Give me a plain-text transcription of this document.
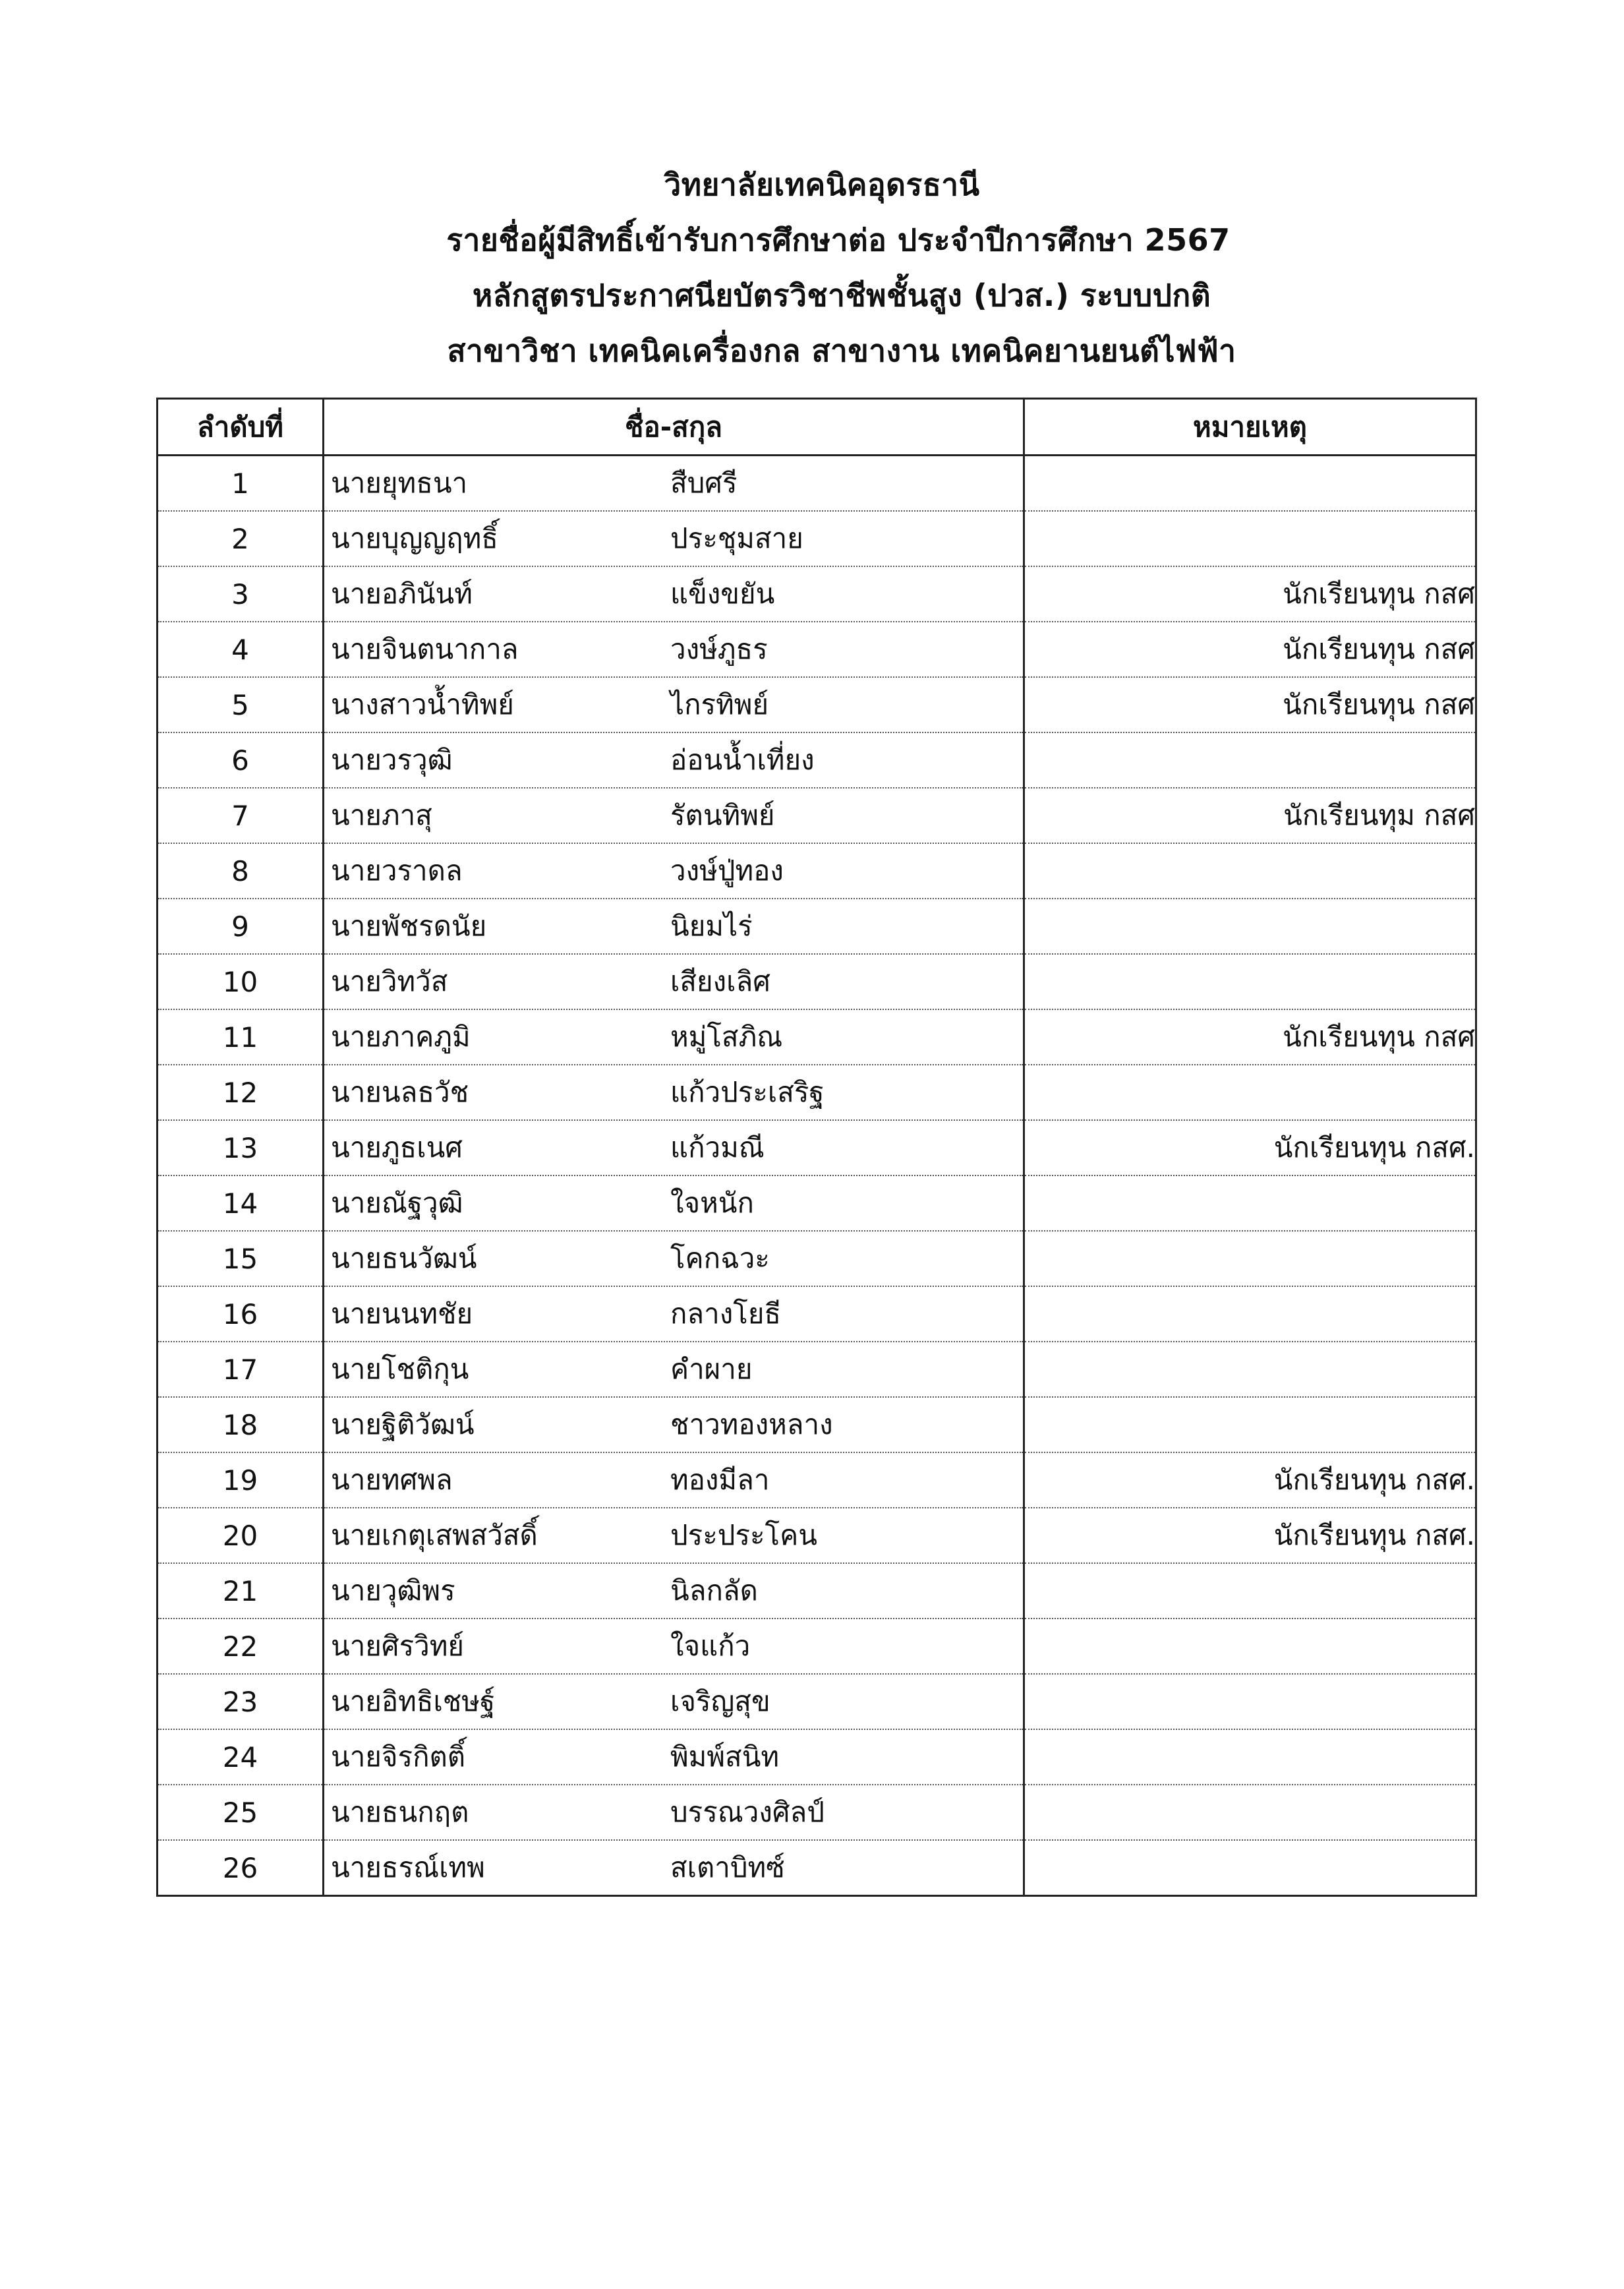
วิทยาลัยเทคนิคอุดรธานี
รายชื่อผู้มีสิทธิ์เข้ารับการศึกษาต่อ ประจำปีการศึกษา 2567
หลักสูตรประกาศนียบัตรวิชาชีพชั้นสูง (ปวส.) ระบบปกติ
สาขาวิชา เทคนิคเครื่องกล สาขางาน เทคนิคยานยนต์ไฟฟ้า
ลำดับที่	ชื่อ-สกุล	หมายเหตุ
1	นายยุทธนา สืบศรี	

2	นายบุญญฤทธิ์ ประชุมสาย	

3	นายอภินันท์ แข็งขยัน	นักเรียนทุน กสศ
4	นายจินตนากาล วงษ์ภูธร	นักเรียนทุน กสศ
5	นางสาวน้ำทิพย์ ไกรทิพย์	นักเรียนทุน กสศ
6	นายวรวุฒิ อ่อนน้ำเที่ยง	

7	นายภาสุ รัตนทิพย์	นักเรียนทุม กสศ
8	นายวราดล วงษ์ปู่ทอง	

9	นายพัชรดนัย นิยมไร่	

10	นายวิทวัส เสียงเลิศ	

11	นายภาคภูมิ หมู่โสภิณ	นักเรียนทุน กสศ
12	นายนลธวัช แก้วประเสริฐ	

13	นายภูธเนศ แก้วมณี	นักเรียนทุน กสศ.
14	นายณัฐวุฒิ ใจหนัก	

15	นายธนวัฒน์ โคกฉวะ	

16	นายนนทชัย กลางโยธี	

17	นายโชติกุน คำผาย	

18	นายฐิติวัฒน์ ชาวทองหลาง	

19	นายทศพล ทองมีลา	นักเรียนทุน กสศ.
20	นายเกตุเสพสวัสดิ์ ประประโคน	นักเรียนทุน กสศ.
21	นายวุฒิพร นิลกลัด	

22	นายศิรวิทย์ ใจแก้ว	

23	นายอิทธิเชษฐ์ เจริญสุข	

24	นายจิรกิตติ์ พิมพ์สนิท	

25	นายธนกฤต บรรณวงศิลป์	

26	นายธรณ์เทพ สเตาบิทซ์	
